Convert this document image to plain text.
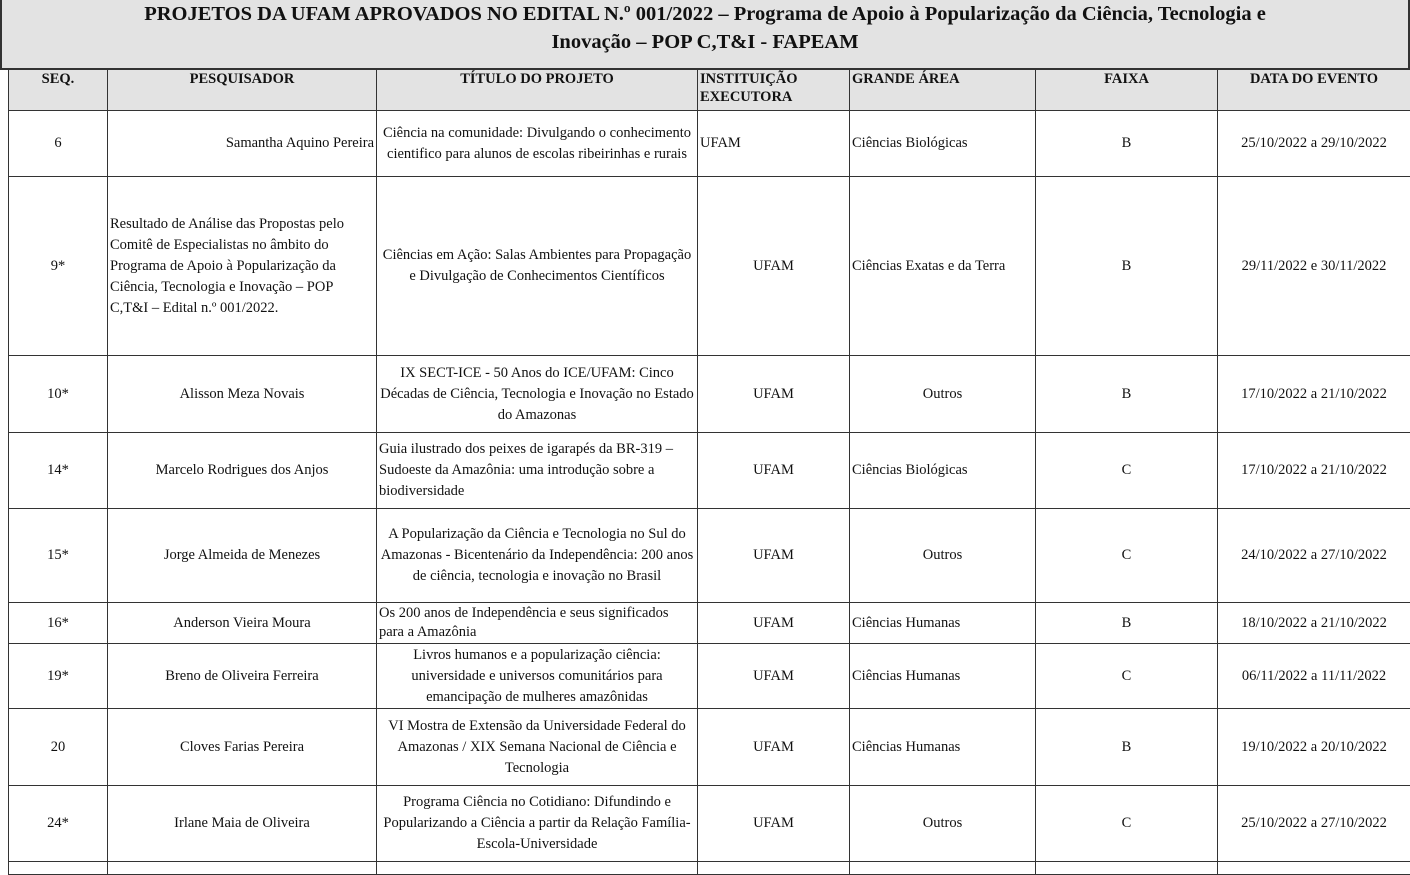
PROJETOS DA UFAM APROVADOS NO EDITAL N.º 001/2022 – Programa de Apoio à Popularização da Ciência, Tecnologia e
Inovação – POP C,T&I - FAPEAM
SEQ.	PESQUISADOR	TÍTULO DO PROJETO	INSTITUIÇÃO EXECUTORA	GRANDE ÁREA	FAIXA	DATA DO EVENTO
6	Samantha Aquino Pereira	Ciência na comunidade: Divulgando o conhecimento cientifico para alunos de escolas ribeirinhas e rurais	UFAM	Ciências Biológicas	B	25/10/2022 a 29/10/2022
9*	Resultado de Análise das Propostas pelo Comitê de Especialistas no âmbito do Programa de Apoio à Popularização da Ciência, Tecnologia e Inovação – POP C,T&I – Edital n.º 001/2022.	Ciências em Ação: Salas Ambientes para Propagação e Divulgação de Conhecimentos Científicos	UFAM	Ciências Exatas e da Terra	B	29/11/2022 e 30/11/2022
10*	Alisson Meza Novais	IX SECT-ICE - 50 Anos do ICE/UFAM: Cinco Décadas de Ciência, Tecnologia e Inovação no Estado do Amazonas	UFAM	Outros	B	17/10/2022 a 21/10/2022
14*	Marcelo Rodrigues dos Anjos	Guia ilustrado dos peixes de igarapés da BR-319 – Sudoeste da Amazônia: uma introdução sobre a biodiversidade	UFAM	Ciências Biológicas	C	17/10/2022 a 21/10/2022
15*	Jorge Almeida de Menezes	A Popularização da Ciência e Tecnologia no Sul do Amazonas - Bicentenário da Independência: 200 anos de ciência, tecnologia e inovação no Brasil	UFAM	Outros	C	24/10/2022 a 27/10/2022
16*	Anderson Vieira Moura	Os 200 anos de Independência e seus significados para a Amazônia	UFAM	Ciências Humanas	B	18/10/2022 a 21/10/2022
19*	Breno de Oliveira Ferreira	Livros humanos e a popularização ciência: universidade e universos comunitários para emancipação de mulheres amazônidas	UFAM	Ciências Humanas	C	06/11/2022 a 11/11/2022
20	Cloves Farias Pereira	VI Mostra de Extensão da Universidade Federal do Amazonas / XIX Semana Nacional de Ciência e Tecnologia	UFAM	Ciências Humanas	B	19/10/2022 a 20/10/2022
24*	Irlane Maia de Oliveira	Programa Ciência no Cotidiano: Difundindo e Popularizando a Ciência a partir da Relação Família-Escola-Universidade	UFAM	Outros	C	25/10/2022 a 27/10/2022
